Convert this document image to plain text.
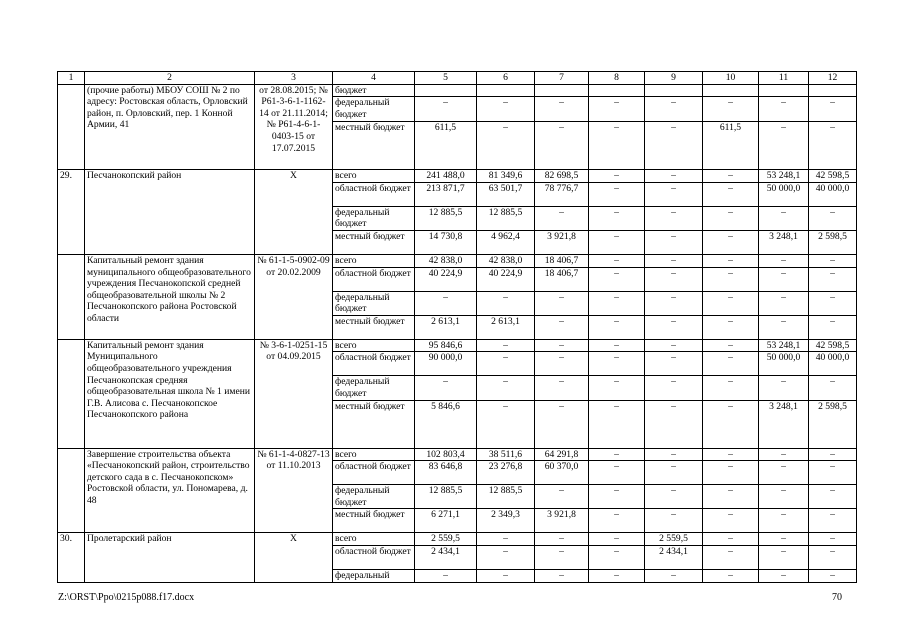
1	2	3	4	5	6	7	8	9	10	11	12
	(прочие работы) МБОУ СОШ № 2 по адресу: Ростовская область, Орловский район, п. Орловский, пер. 1 Конной Армии, 41	от 28.08.2015; № Р61-3-6-1-1162-14 от 21.11.2014; № Р61-4-6-1-0403-15 от 17.07.2015	бюджет								
			федеральный бюджет	–	–	–	–	–	–	–	–
			местный бюджет	611,5	–	–	–	–	611,5	–	–
29.	Песчанокопский район	Х	всего	241 488,0	81 349,6	82 698,5	–	–	–	53 248,1	42 598,5
			областной бюджет	213 871,7	63 501,7	78 776,7	–	–	–	50 000,0	40 000,0
			федеральный бюджет	12 885,5	12 885,5	–	–	–	–	–	–
			местный бюджет	14 730,8	4 962,4	3 921,8	–	–	–	3 248,1	2 598,5
	Капитальный ремонт здания муниципального общеобразовательного учреждения Песчанокопской средней общеобразовательной школы № 2 Песчанокопского района Ростовской области	№ 61-1-5-0902-09 от 20.02.2009	всего	42 838,0	42 838,0	18 406,7	–	–	–	–	–
			областной бюджет	40 224,9	40 224,9	18 406,7	–	–	–	–	–
			федеральный бюджет	–	–	–	–	–	–	–	–
			местный бюджет	2 613,1	2 613,1	–	–	–	–	–	–
	Капитальный ремонт здания Муниципального общеобразовательного учреждения Песчанокопская средняя общеобразовательная школа № 1 имени Г.В. Алисова с. Песчанокопское Песчанокопского района	№ 3-6-1-0251-15 от 04.09.2015	всего	95 846,6	–	–	–	–	–	53 248,1	42 598,5
			областной бюджет	90 000,0	–	–	–	–	–	50 000,0	40 000,0
			федеральный бюджет	–	–	–	–	–	–	–	–
			местный бюджет	5 846,6	–	–	–	–	–	3 248,1	2 598,5
	Завершение строительства объекта «Песчанокопский район, строительство детского сада в с. Песчанокопском» Ростовской области, ул. Пономарева, д. 48	№ 61-1-4-0827-13 от 11.10.2013	всего	102 803,4	38 511,6	64 291,8	–	–	–	–	–
			областной бюджет	83 646,8	23 276,8	60 370,0	–	–	–	–	–
			федеральный бюджет	12 885,5	12 885,5	–	–	–	–	–	–
			местный бюджет	6 271,1	2 349,3	3 921,8	–	–	–	–	–
30.	Пролетарский район	Х	всего	2 559,5	–	–	–	2 559,5	–	–	–
			областной бюджет	2 434,1	–	–	–	2 434,1	–	–	–
			федеральный	–	–	–	–	–	–	–	–
Z:\ORST\Ppo\0215p088.f17.docx	70
